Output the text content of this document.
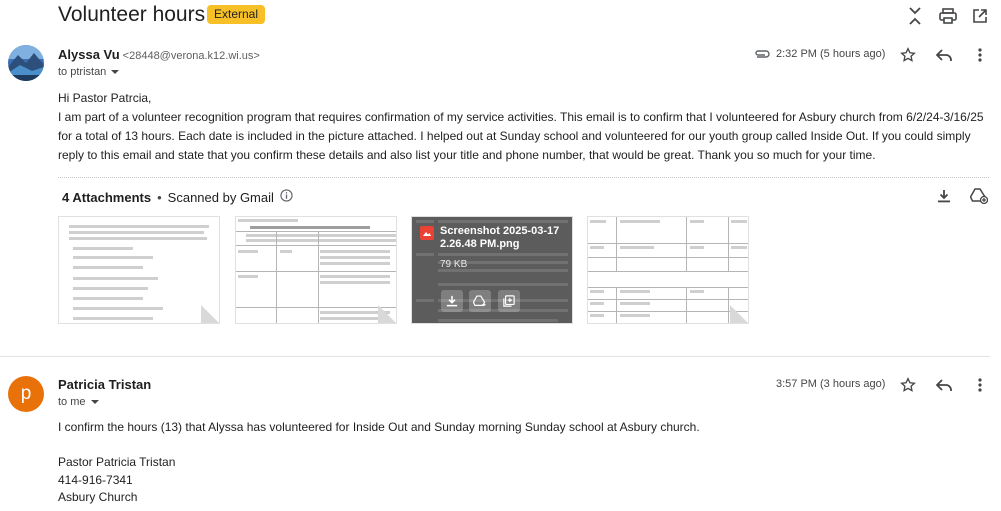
Volunteer hours External
Alyssa Vu <28448@verona.k12.wi.us>
to ptristan
2:32 PM (5 hours ago)

Hi Pastor Patrcia,

I am part of a volunteer recognition program that requires confirmation of my service activities. This email is to confirm that I volunteered for Asbury church from 6/2/24-3/16/25 for a total of 13 hours. Each date is included in the picture attached. I helped out at Sunday school and volunteered for our youth group called Inside Out. If you could simply reply to this email and state that you confirm these details and also list your title and phone number, that would be great. Thank you so much for your time.

4 Attachments • Scanned by Gmail
Screenshot 2025-03-17 2.26.48 PM.png
79 KB
p	Patricia Tristan
to me
3:57 PM (3 hours ago)

I confirm the hours (13) that Alyssa has volunteered for Inside Out and Sunday morning Sunday school at Asbury church.

Pastor Patricia Tristan

414-916-7341

Asbury Church
